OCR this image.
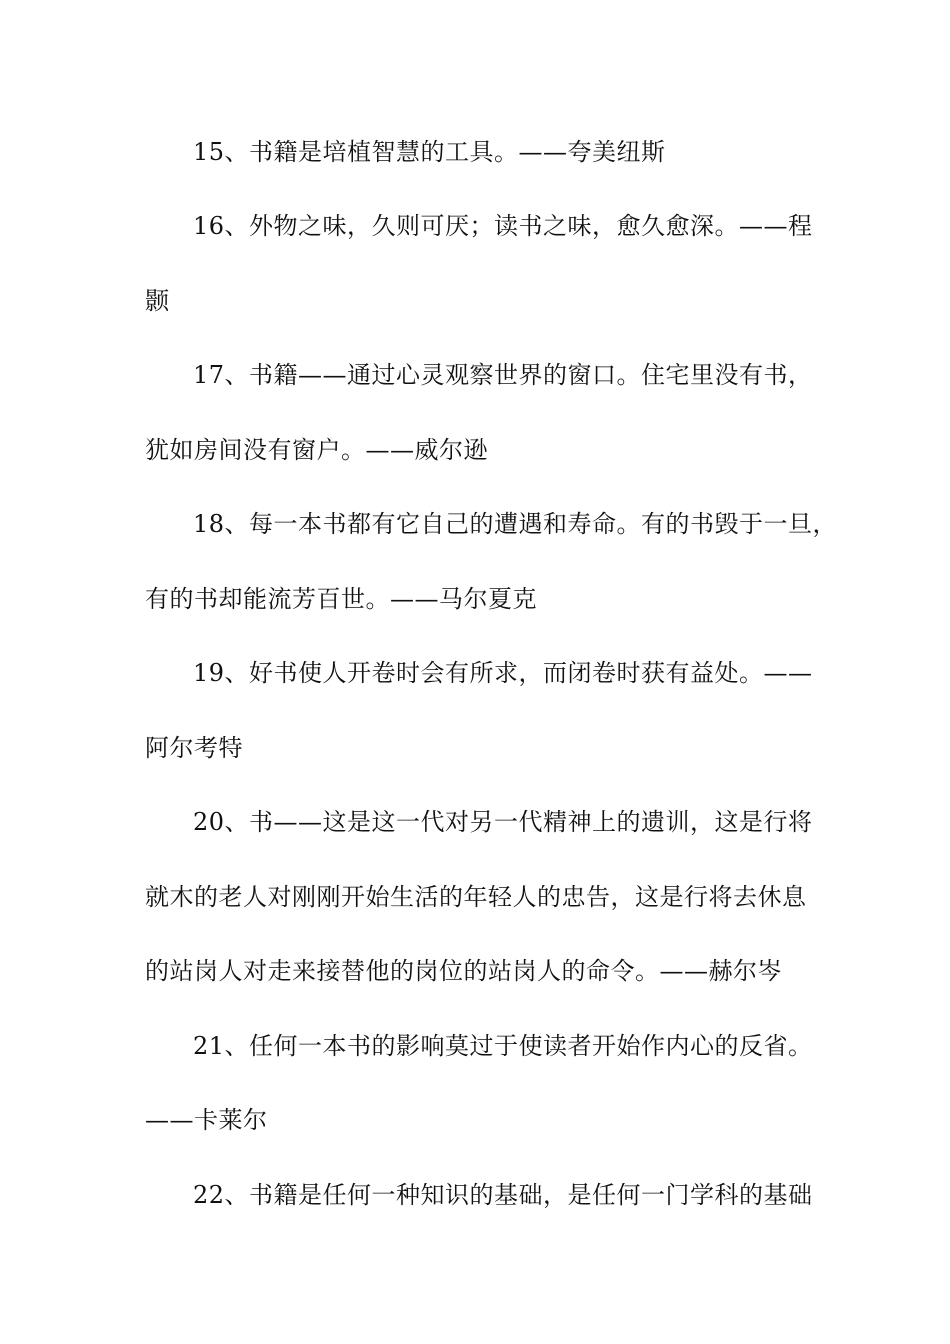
15、书籍是培植智慧的工具。——夸美纽斯
16、外物之味，久则可厌；读书之味，愈久愈深。——程
颢
17、书籍——通过心灵观察世界的窗口。住宅里没有书，
犹如房间没有窗户。——威尔逊
18、每一本书都有它自己的遭遇和寿命。有的书毁于一旦，
有的书却能流芳百世。——马尔夏克
19、好书使人开卷时会有所求，而闭卷时获有益处。——
阿尔考特
20、书——这是这一代对另一代精神上的遗训，这是行将
就木的老人对刚刚开始生活的年轻人的忠告，这是行将去休息
的站岗人对走来接替他的岗位的站岗人的命令。——赫尔岑
21、任何一本书的影响莫过于使读者开始作内心的反省。
——卡莱尔
22、书籍是任何一种知识的基础，是任何一门学科的基础
